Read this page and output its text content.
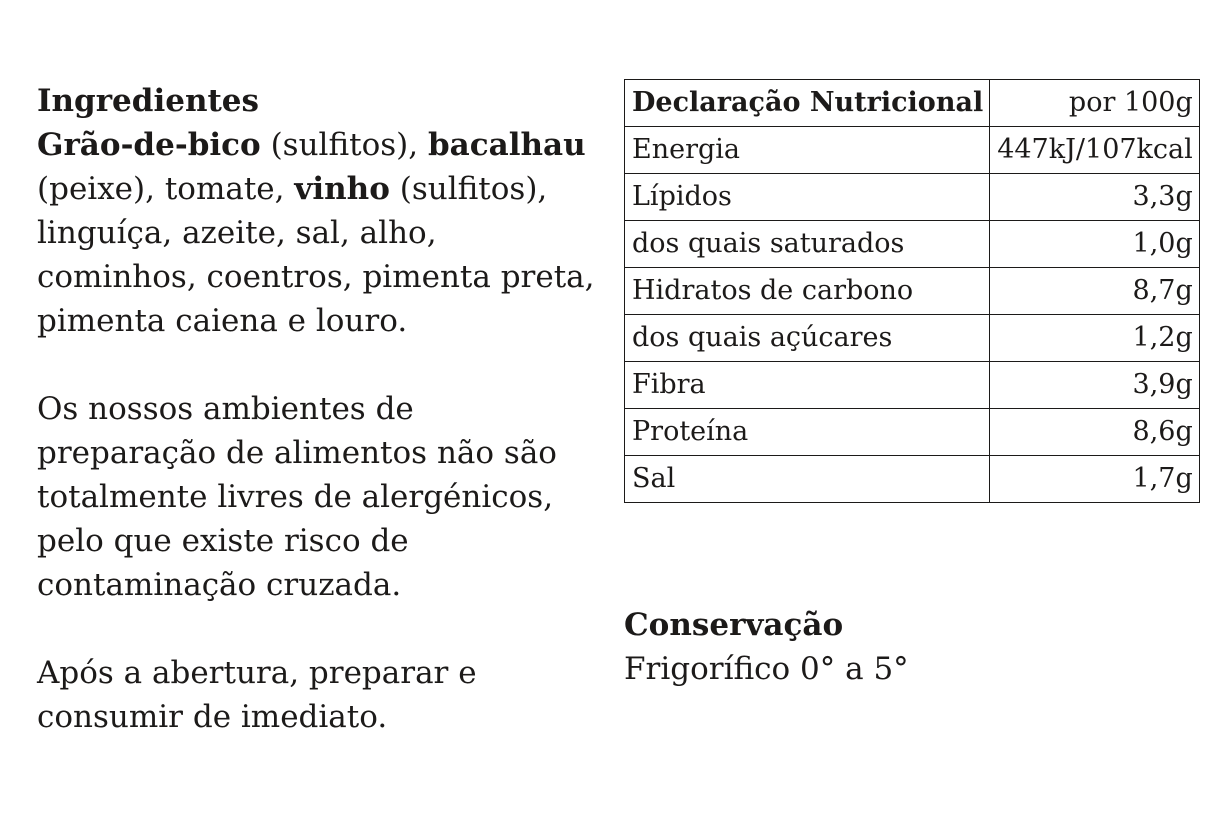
Ingredientes
Grão-de-bico (sulfitos), bacalhau (peixe), tomate, vinho (sulfitos), linguíça, azeite, sal, alho, cominhos, coentros, pimenta preta, pimenta caiena e louro.
Os nossos ambientes de preparação de alimentos não são totalmente livres de alergénicos, pelo que existe risco de contaminação cruzada.
Após a abertura, preparar e consumir de imediato.
Declaração Nutricional	por 100g
Energia	447kJ/107kcal
Lípidos	3,3g
dos quais saturados	1,0g
Hidratos de carbono	8,7g
dos quais açúcares	1,2g
Fibra	3,9g
Proteína	8,6g
Sal	1,7g
Conservação
Frigorífico 0° a 5°
